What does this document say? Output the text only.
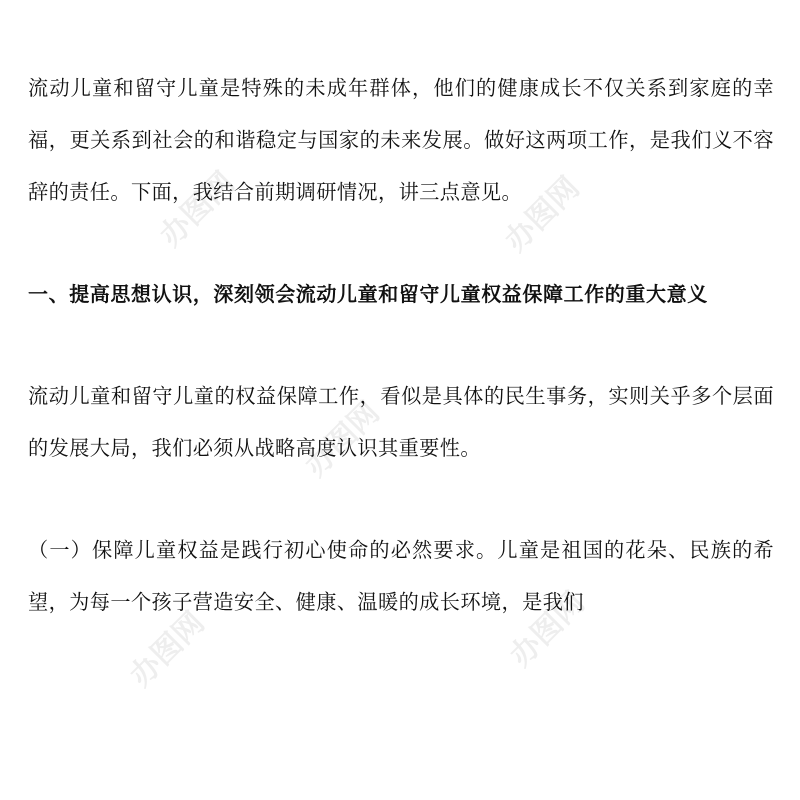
办图网	办图网
办图网
办图网	办图网

流动儿童和留守儿童是特殊的未成年群体，他们的健康成长不仅关系到家庭的幸福，更关系到社会的和谐稳定与国家的未来发展。做好这两项工作，是我们义不容辞的责任。下面，我结合前期调研情况，讲三点意见。

一、提高思想认识，深刻领会流动儿童和留守儿童权益保障工作的重大意义

流动儿童和留守儿童的权益保障工作，看似是具体的民生事务，实则关乎多个层面的发展大局，我们必须从战略高度认识其重要性。

（一）保障儿童权益是践行初心使命的必然要求。儿童是祖国的花朵、民族的希望，为每一个孩子营造安全、健康、温暖的成长环境，是我们
